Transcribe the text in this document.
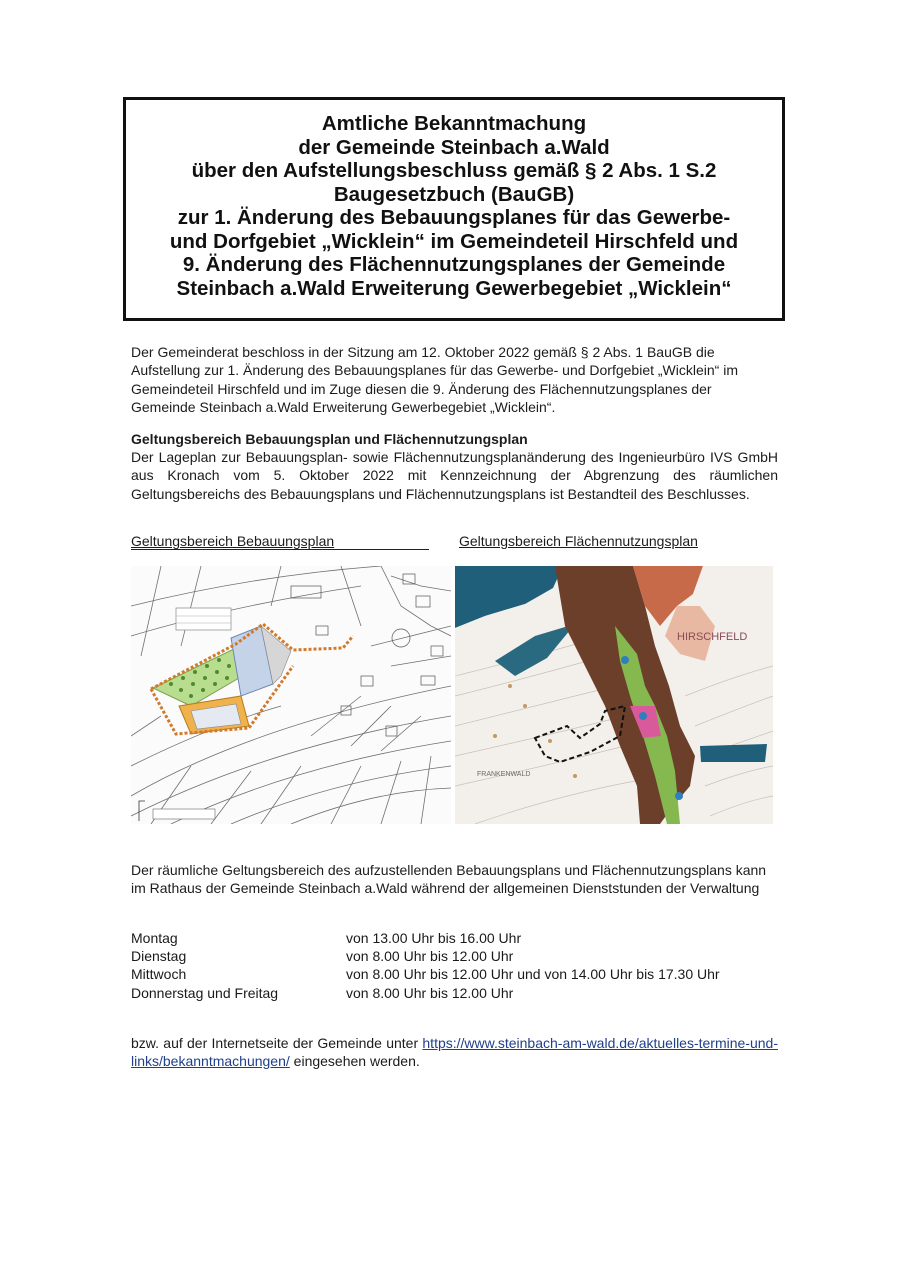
Amtliche Bekanntmachung
der Gemeinde Steinbach a.Wald
über den Aufstellungsbeschluss gemäß § 2 Abs. 1 S.2
Baugesetzbuch (BauGB)
zur 1. Änderung des Bebauungsplanes für das Gewerbe-
und Dorfgebiet „Wicklein“ im Gemeindeteil Hirschfeld und
9. Änderung des Flächennutzungsplanes der Gemeinde
Steinbach a.Wald Erweiterung Gewerbegebiet „Wicklein“
Der Gemeinderat beschloss in der Sitzung am 12. Oktober 2022 gemäß § 2 Abs. 1 BauGB die Aufstellung zur 1. Änderung des Bebauungsplanes für das Gewerbe- und Dorfgebiet „Wicklein“ im Gemeindeteil Hirschfeld und im Zuge diesen die 9. Änderung des Flächennutzungsplanes der Gemeinde Steinbach a.Wald Erweiterung Gewerbegebiet „Wicklein“.
Geltungsbereich Bebauungsplan und Flächennutzungsplan
Der Lageplan zur Bebauungsplan- sowie Flächennutzungsplanänderung des Ingenieurbüro IVS GmbH aus Kronach vom 5. Oktober 2022 mit Kennzeichnung der Abgrenzung des räumlichen Geltungsbereichs des Bebauungsplans und Flächennutzungsplans ist Bestandteil des Beschlusses.
Geltungsbereich Bebauungsplan	Geltungsbereich Flächennutzungsplan
HIRSCHFELD
FRANKENWALD
Der räumliche Geltungsbereich des aufzustellenden Bebauungsplans und Flächennutzungsplans kann im Rathaus der Gemeinde Steinbach a.Wald während der allgemeinen Dienststunden der Verwaltung
Montag	von 13.00 Uhr bis 16.00 Uhr
Dienstag	von 8.00 Uhr bis 12.00 Uhr
Mittwoch	von 8.00 Uhr bis 12.00 Uhr und von 14.00 Uhr bis 17.30 Uhr
Donnerstag und Freitag	von 8.00 Uhr bis 12.00 Uhr
bzw. auf der Internetseite der Gemeinde unter https://www.steinbach-am-wald.de/aktuelles-termine-und-links/bekanntmachungen/ eingesehen werden.
